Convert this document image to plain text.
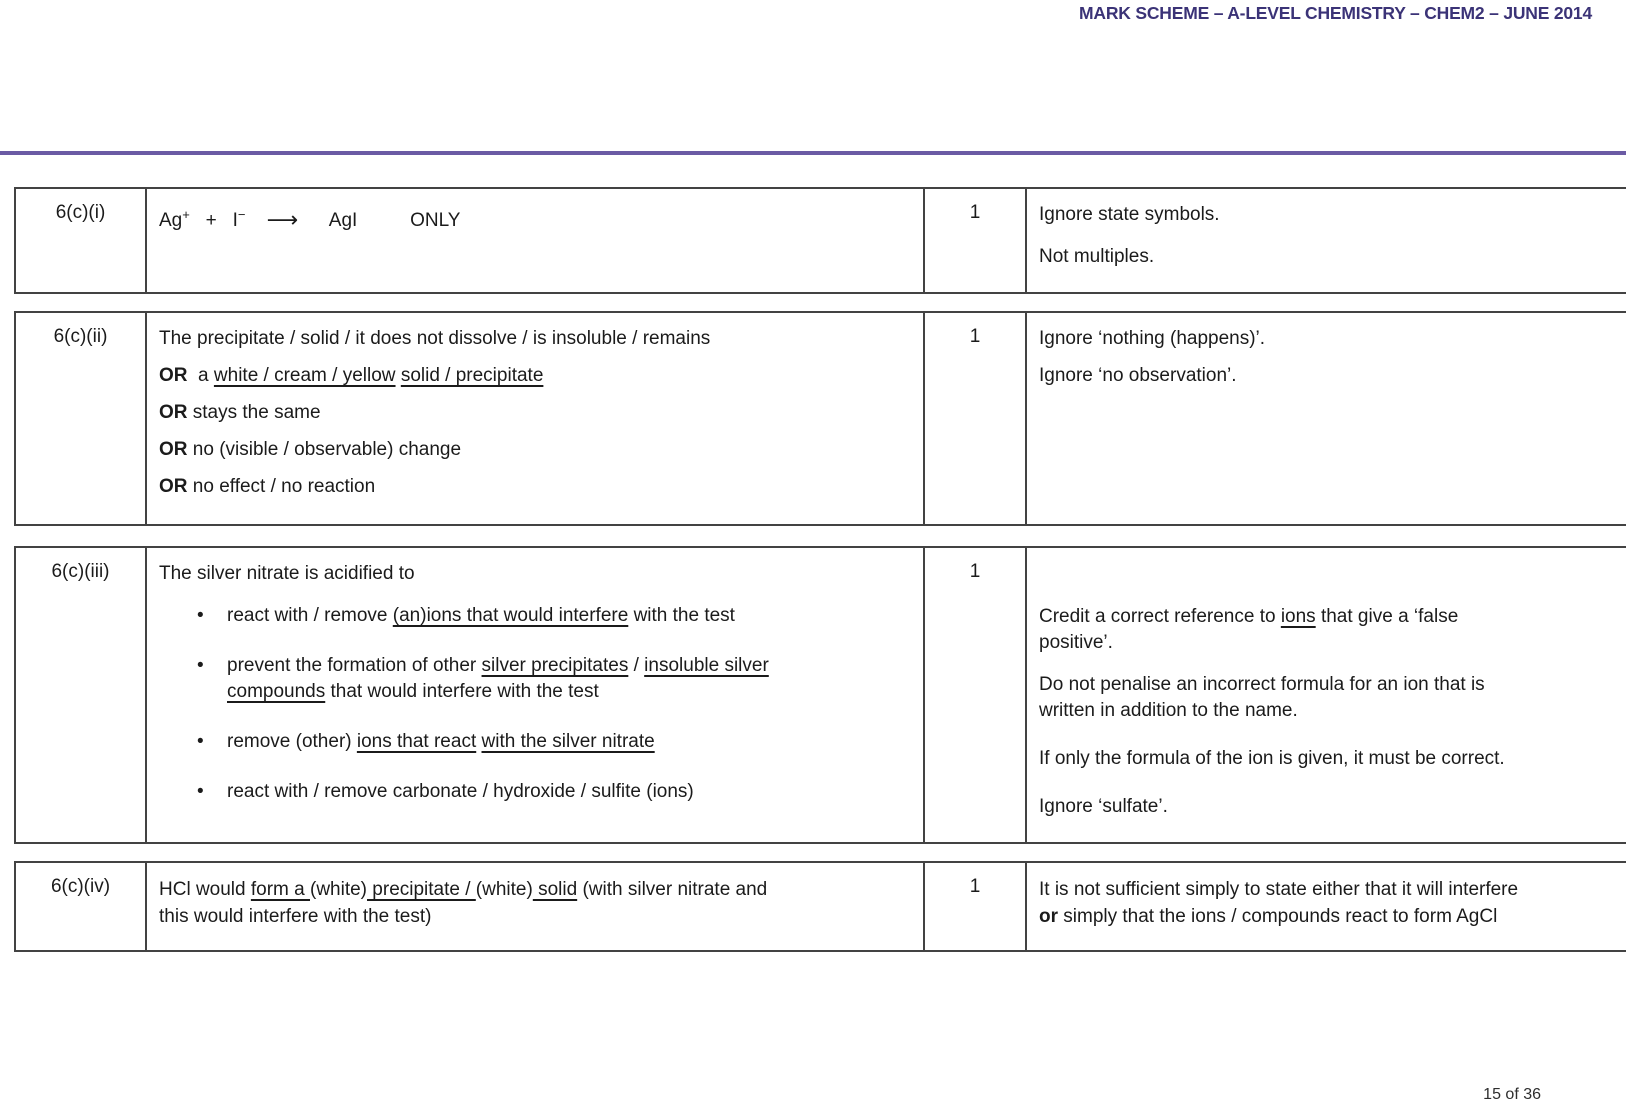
MARK SCHEME – A-LEVEL CHEMISTRY – CHEM2 – JUNE 2014
6(c)(i)	Ag+   +   I− ⟶      AgI          ONLY	1	Ignore state symbols.

Not multiples.

6(c)(ii)	The precipitate / solid / it does not dissolve / is insoluble / remains

OR  a white / cream / yellow solid / precipitate

OR stays the same

OR no (visible / observable) change

OR no effect / no reaction

1	Ignore ‘nothing (happens)’.

Ignore ‘no observation’.

6(c)(iii)	The silver nitrate is acidified to

• react with / remove (an)ions that would interfere with the test

• prevent the formation of other silver precipitates / insoluble silver
compounds that would interfere with the test

• remove (other) ions that react with the silver nitrate

• react with / remove carbonate / hydroxide / sulfite (ions)

1

Credit a correct reference to ions that give a ‘false
positive’.

Do not penalise an incorrect formula for an ion that is
written in addition to the name.

If only the formula of the ion is given, it must be correct.

Ignore ‘sulfate’.

6(c)(iv)	HCl would form a (white) precipitate / (white) solid (with silver nitrate and
this would interfere with the test)

1	It is not sufficient simply to state either that it will interfere
or simply that the ions / compounds react to form AgCl

15 of 36
